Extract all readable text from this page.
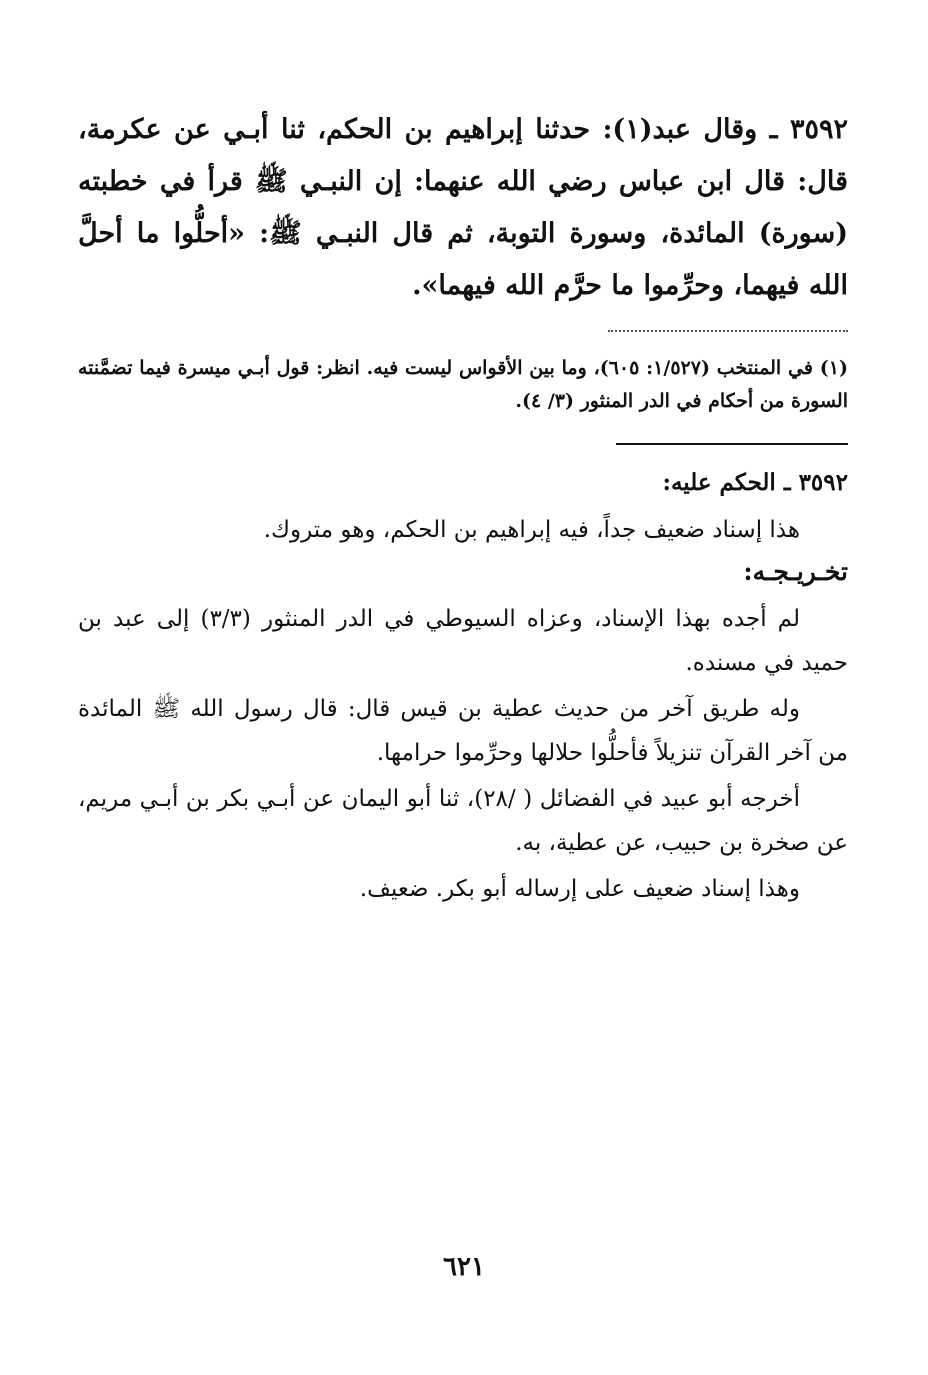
٣٥٩٢ ـ وقال عبد(١): حدثنا إبراهيم بن الحكم، ثنا أبـي عن عكرمة، قال: قال ابن عباس رضي الله عنهما: إن النبـي ﷺ قرأ في خطبته (سورة) المائدة، وسورة التوبة، ثم قال النبـي ﷺ: «أحلُّوا ما أحلَّ الله فيهما، وحرِّموا ما حرَّم الله فيهما».
(١) في المنتخب (١/٥٢٧: ٦٠٥)، وما بين الأقواس ليست فيه. انظر: قول أبـي ميسرة فيما تضمَّنته السورة من أحكام في الدر المنثور (٣/ ٤).
٣٥٩٢ ـ الحكم عليه:
هذا إسناد ضعيف جداً، فيه إبراهيم بن الحكم، وهو متروك.
تخـريـجـه:

لم أجده بهذا الإسناد، وعزاه السيوطي في الدر المنثور (٣/٣) إلى عبد بن حميد في مسنده.

وله طريق آخر من حديث عطية بن قيس قال: قال رسول الله ﷺ المائدة من آخر القرآن تنزيلاً فأحلُّوا حلالها وحرِّموا حرامها.

أخرجه أبو عبيد في الفضائل ( /٢٨)، ثنا أبو اليمان عن أبـي بكر بن أبـي مريم، عن صخرة بن حبيب، عن عطية، به.

وهذا إسناد ضعيف على إرساله أبو بكر. ضعيف.

٦٢١
